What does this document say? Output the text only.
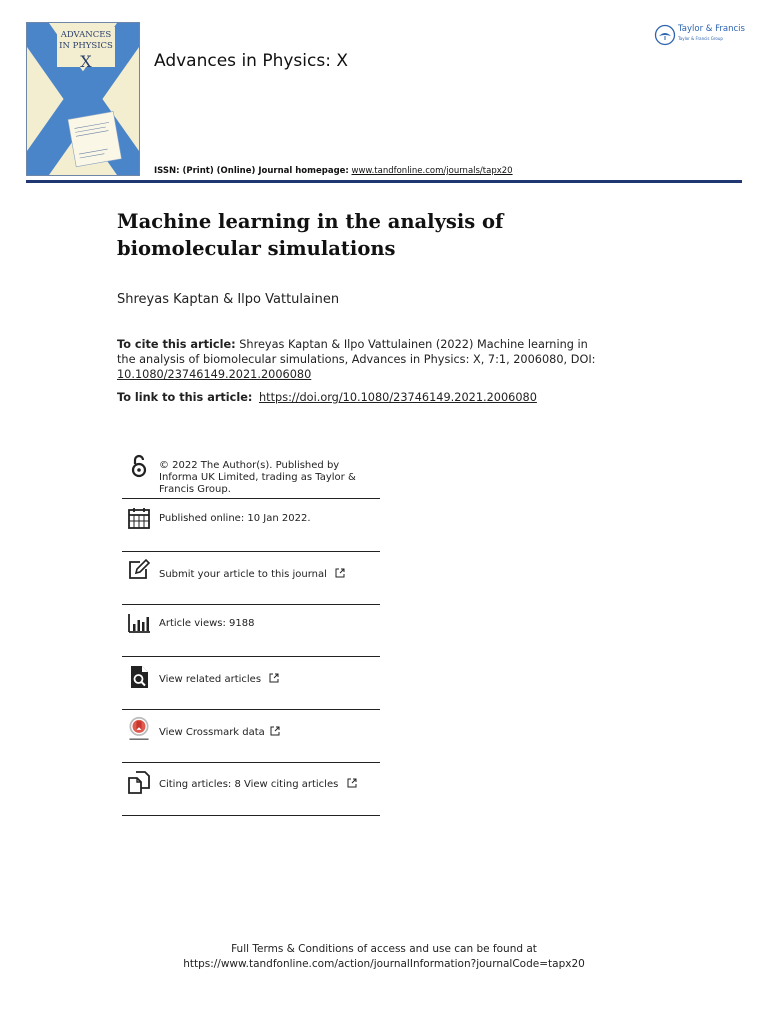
ADVANCES
IN PHYSICS
X	Advances in Physics: X
Taylor & Francis
Taylor & Francis Group
ISSN: (Print) (Online) Journal homepage: www.tandfonline.com/journals/tapx20
Machine learning in the analysis of biomolecular simulations
Shreyas Kaptan & Ilpo Vattulainen
To cite this article: Shreyas Kaptan & Ilpo Vattulainen (2022) Machine learning in the analysis of biomolecular simulations, Advances in Physics: X, 7:1, 2006080, DOI: 10.1080/23746149.2021.2006080
To link to this article: https://doi.org/10.1080/23746149.2021.2006080
© 2022 The Author(s). Published by Informa UK Limited, trading as Taylor & Francis Group.
Published online: 10 Jan 2022.
Submit your article to this journal
Article views: 9188
View related articles
View Crossmark data
Citing articles: 8 View citing articles
Full Terms & Conditions of access and use can be found at
https://www.tandfonline.com/action/journalInformation?journalCode=tapx20
